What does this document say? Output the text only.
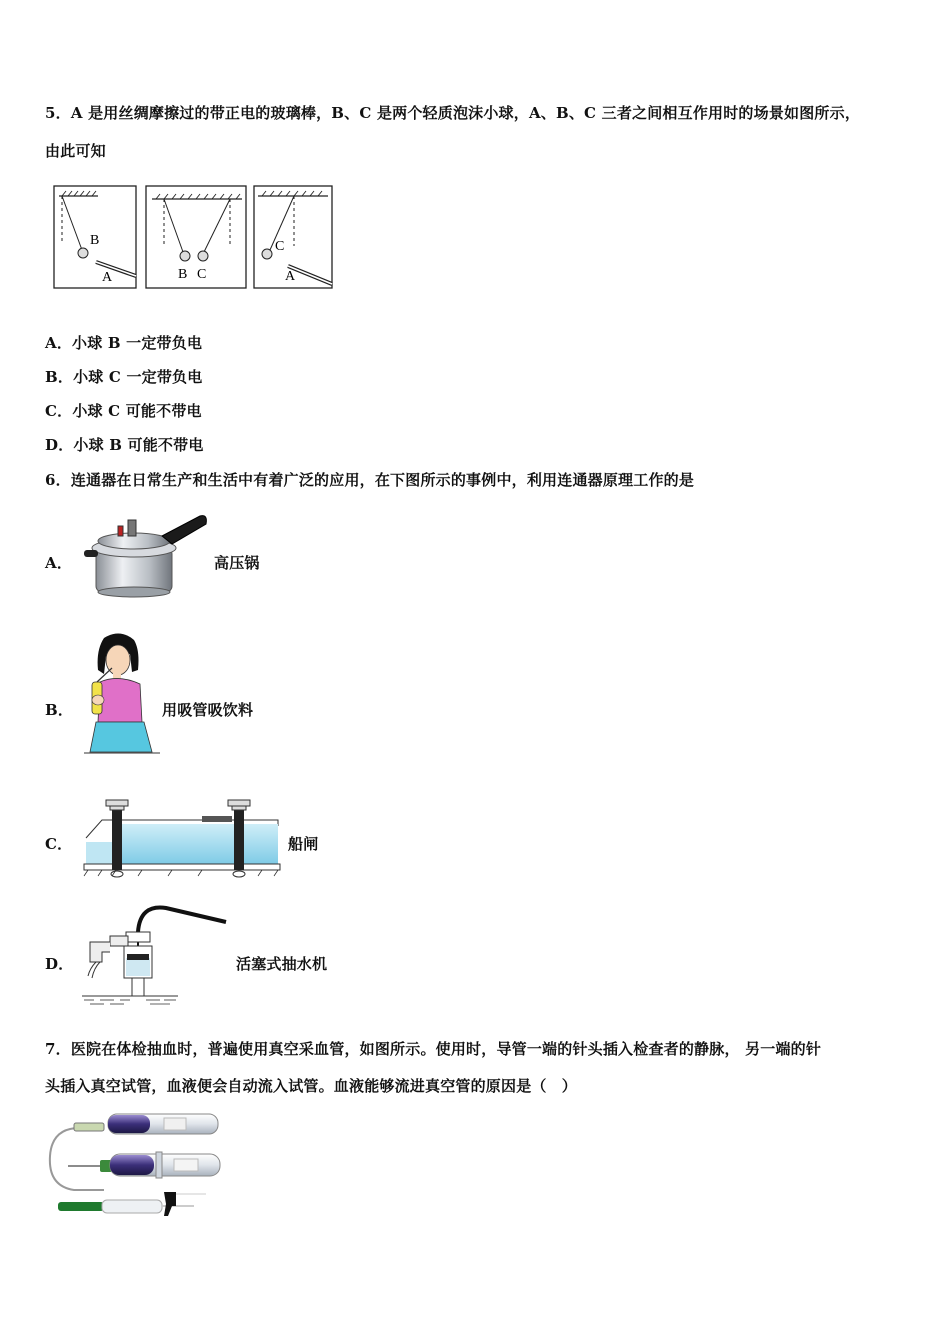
5．A 是用丝绸摩擦过的带正电的玻璃棒，B、C 是两个轻质泡沫小球，A、B、C 三者之间相互作用时的场景如图所示，
由此可知
B
A	B C
C
A
A．小球 B 一定带负电
B．小球 C 一定带负电
C．小球 C 可能不带电
D．小球 B 可能不带电
6．连通器在日常生产和生活中有着广泛的应用，在下图所示的事例中，利用连通器原理工作的是
A．	高压锅
B．	用吸管吸饮料
C．	船闸
D．	活塞式抽水机
7．医院在体检抽血时，普遍使用真空采血管，如图所示。使用时，导管一端的针头插入检查者的静脉， 另一端的针
头插入真空试管，血液便会自动流入试管。血液能够流进真空管的原因是（　）
